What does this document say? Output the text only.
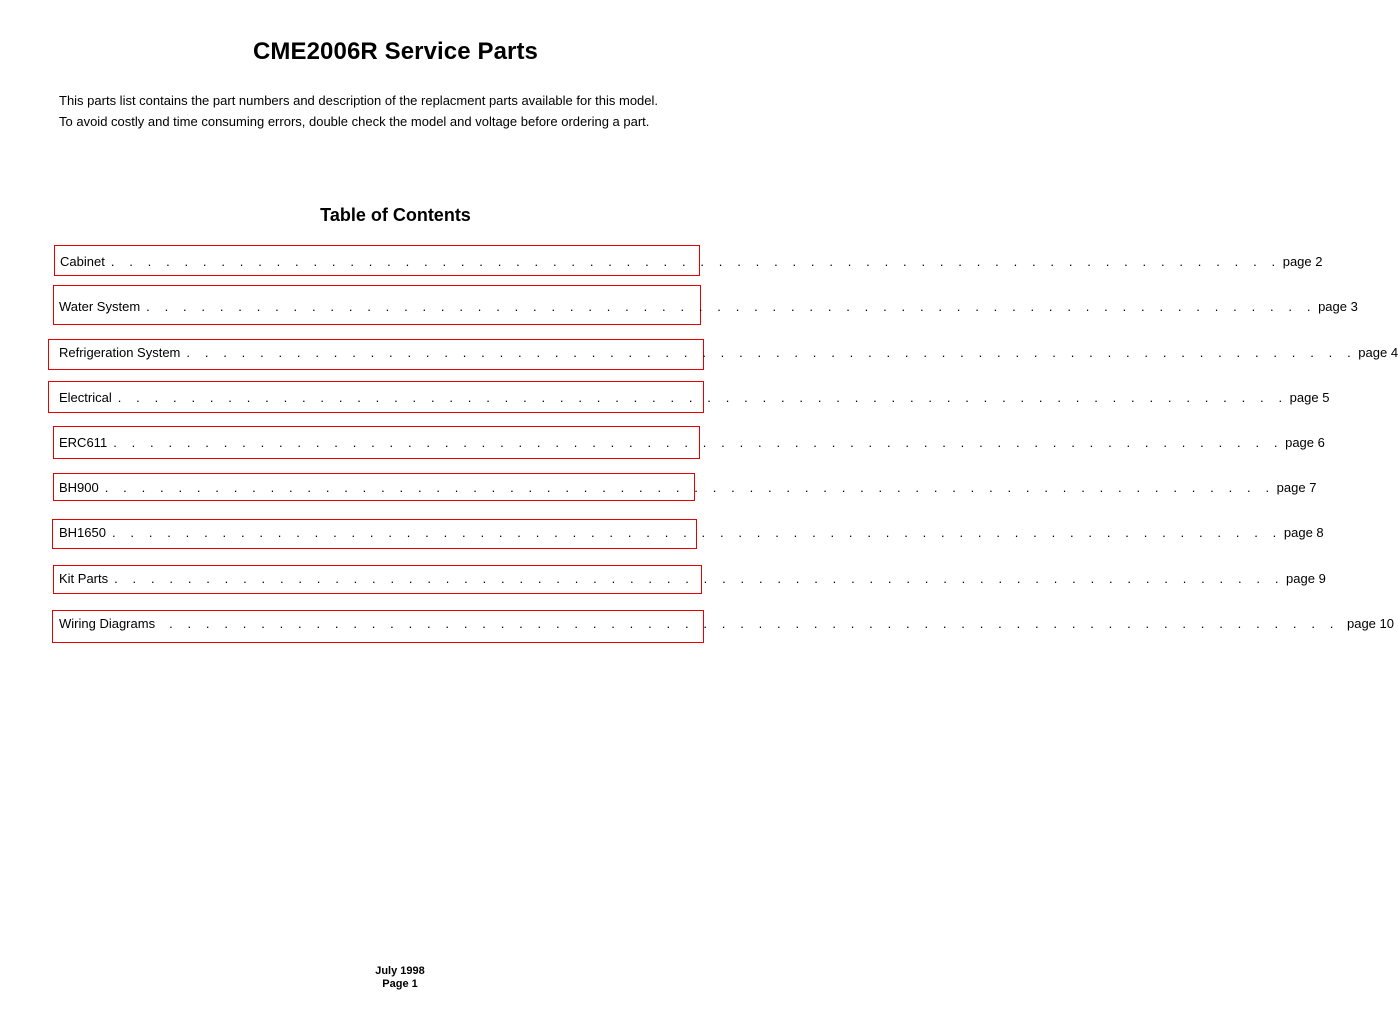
CME2006R Service Parts

This parts list contains the part numbers and description of the replacment parts available for this model.

To avoid costly and time consuming errors, double check the model and voltage before ordering a part.

Table of Contents
Cabinet . . . . . . . . . . . . . . . . . . . . . . . . . . . . . . . . . . . . . . . . . . . . . . . . . . . . . . . . . . . . . . . . page 2
Water System . . . . . . . . . . . . . . . . . . . . . . . . . . . . . . . . . . . . . . . . . . . . . . . . . . . . . . . . . . . . . . . . page 3
Refrigeration System . . . . . . . . . . . . . . . . . . . . . . . . . . . . . . . . . . . . . . . . . . . . . . . . . . . . . . . . . . . . . . . . page 4
Electrical . . . . . . . . . . . . . . . . . . . . . . . . . . . . . . . . . . . . . . . . . . . . . . . . . . . . . . . . . . . . . . . . page 5
ERC611 . . . . . . . . . . . . . . . . . . . . . . . . . . . . . . . . . . . . . . . . . . . . . . . . . . . . . . . . . . . . . . . . page 6
BH900 . . . . . . . . . . . . . . . . . . . . . . . . . . . . . . . . . . . . . . . . . . . . . . . . . . . . . . . . . . . . . . . . page 7
BH1650 . . . . . . . . . . . . . . . . . . . . . . . . . . . . . . . . . . . . . . . . . . . . . . . . . . . . . . . . . . . . . . . . page 8
Kit Parts . . . . . . . . . . . . . . . . . . . . . . . . . . . . . . . . . . . . . . . . . . . . . . . . . . . . . . . . . . . . . . . . page 9
Wiring Diagrams	. . . . . . . . . . . . . . . . . . . . . . . . . . . . . . . . . . . . . . . . . . . . . . . . . . . . . . . . . . . . . . . . page 10
July 1998
Page 1
